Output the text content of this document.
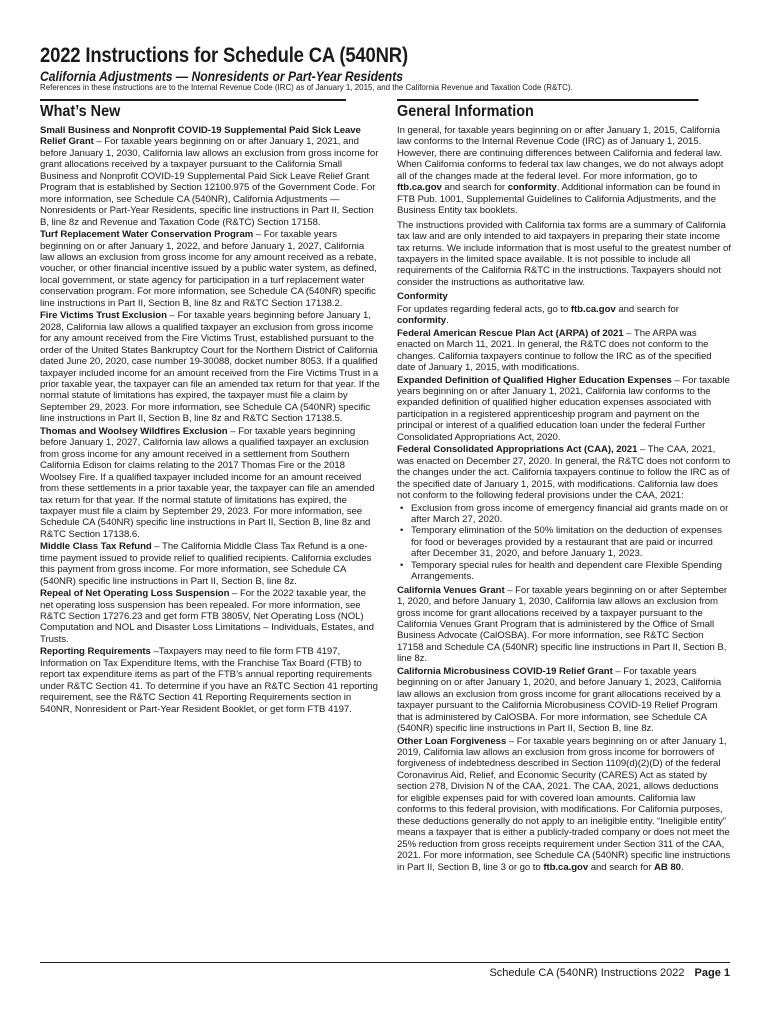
2022 Instructions for Schedule CA (540NR)
California Adjustments — Nonresidents or Part-Year Residents
References in these instructions are to the Internal Revenue Code (IRC) as of January 1, 2015, and the California Revenue and Taxation Code (R&TC).
What’s New

Small Business and Nonprofit COVID-19 Supplemental Paid Sick Leave Relief Grant – For taxable years beginning on or after January 1, 2021, and before January 1, 2030, California law allows an exclusion from gross income for grant allocations received by a taxpayer pursuant to the California Small Business and Nonprofit COVID-19 Supplemental Paid Sick Leave Relief Grant Program that is established by Section 12100.975 of the Government Code. For more information, see Schedule CA (540NR), California Adjustments — Nonresidents or Part-Year Residents, specific line instructions in Part II, Section B, line 8z and Revenue and Taxation Code (R&TC) Section 17158.

Turf Replacement Water Conservation Program – For taxable years beginning on or after January 1, 2022, and before January 1, 2027, California law allows an exclusion from gross income for any amount received as a rebate, voucher, or other financial incentive issued by a public water system, as defined, local government, or state agency for participation in a turf replacement water conservation program. For more information, see Schedule CA (540NR) specific line instructions in Part II, Section B, line 8z and R&TC Section 17138.2.

Fire Victims Trust Exclusion – For taxable years beginning before January 1, 2028, California law allows a qualified taxpayer an exclusion from gross income for any amount received from the Fire Victims Trust, established pursuant to the order of the United States Bankruptcy Court for the Northern District of California dated June 20, 2020, case number 19-30088, docket number 8053. If a qualified taxpayer included income for an amount received from the Fire Victims Trust in a prior taxable year, the taxpayer can file an amended tax return for that year. If the normal statute of limitations has expired, the taxpayer must file a claim by September 29, 2023. For more information, see Schedule CA (540NR) specific line instructions in Part II, Section B, line 8z and R&TC Section 17138.5.

Thomas and Woolsey Wildfires Exclusion – For taxable years beginning before January 1, 2027, California law allows a qualified taxpayer an exclusion from gross income for any amount received in a settlement from Southern California Edison for claims relating to the 2017 Thomas Fire or the 2018 Woolsey Fire. If a qualified taxpayer included income for an amount received from these settlements in a prior taxable year, the taxpayer can file an amended tax return for that year. If the normal statute of limitations has expired, the taxpayer must file a claim by September 29, 2023. For more information, see Schedule CA (540NR) specific line instructions in Part II, Section B, line 8z and R&TC Section 17138.6.

Middle Class Tax Refund – The California Middle Class Tax Refund is a one-time payment issued to provide relief to qualified recipients. California excludes this payment from gross income. For more information, see Schedule CA (540NR) specific line instructions in Part II, Section B, line 8z.

Repeal of Net Operating Loss Suspension – For the 2022 taxable year, the net operating loss suspension has been repealed. For more information, see R&TC Section 17276.23 and get form FTB 3805V, Net Operating Loss (NOL) Computation and NOL and Disaster Loss Limitations – Individuals, Estates, and Trusts.

Reporting Requirements –Taxpayers may need to file form FTB 4197, Information on Tax Expenditure Items, with the Franchise Tax Board (FTB) to report tax expenditure items as part of the FTB’s annual reporting requirements under R&TC Section 41. To determine if you have an R&TC Section 41 reporting requirement, see the R&TC Section 41 Reporting Requirements section in 540NR, Nonresident or Part-Year Resident Booklet, or get form FTB 4197.

General Information

In general, for taxable years beginning on or after January 1, 2015, California law conforms to the Internal Revenue Code (IRC) as of January 1, 2015. However, there are continuing differences between California and federal law. When California conforms to federal tax law changes, we do not always adopt all of the changes made at the federal level. For more information, go to ftb.ca.gov and search for conformity. Additional information can be found in FTB Pub. 1001, Supplemental Guidelines to California Adjustments, and the Business Entity tax booklets.

The instructions provided with California tax forms are a summary of California tax law and are only intended to aid taxpayers in preparing their state income tax returns. We include information that is most useful to the greatest number of taxpayers in the limited space available. It is not possible to include all requirements of the California R&TC in the instructions. Taxpayers should not consider the instructions as authoritative law.

Conformity

For updates regarding federal acts, go to ftb.ca.gov and search for conformity.

Federal American Rescue Plan Act (ARPA) of 2021 – The ARPA was enacted on March 11, 2021. In general, the R&TC does not conform to the changes. California taxpayers continue to follow the IRC as of the specified date of January 1, 2015, with modifications.

Expanded Definition of Qualified Higher Education Expenses – For taxable years beginning on or after January 1, 2021, California law conforms to the expanded definition of qualified higher education expenses associated with participation in a registered apprenticeship program and payment on the principal or interest of a qualified education loan under the federal Further Consolidated Appropriations Act, 2020.

Federal Consolidated Appropriations Act (CAA), 2021 – The CAA, 2021, was enacted on December 27, 2020. In general, the R&TC does not conform to the changes under the act. California taxpayers continue to follow the IRC as of the specified date of January 1, 2015, with modifications. California law does not conform to the following federal provisions under the CAA, 2021:

• Exclusion from gross income of emergency financial aid grants made on or after March 27, 2020.
• Temporary elimination of the 50% limitation on the deduction of expenses for food or beverages provided by a restaurant that are paid or incurred after December 31, 2020, and before January 1, 2023.
• Temporary special rules for health and dependent care Flexible Spending Arrangements.

California Venues Grant – For taxable years beginning on or after September 1, 2020, and before January 1, 2030, California law allows an exclusion from gross income for grant allocations received by a taxpayer pursuant to the California Venues Grant Program that is administered by the Office of Small Business Advocate (CalOSBA). For more information, see R&TC Section 17158 and Schedule CA (540NR) specific line instructions in Part II, Section B, line 8z.

California Microbusiness COVID-19 Relief Grant – For taxable years beginning on or after January 1, 2020, and before January 1, 2023, California law allows an exclusion from gross income for grant allocations received by a taxpayer pursuant to the California Microbusiness COVID-19 Relief Program that is administered by CalOSBA. For more information, see Schedule CA (540NR) specific line instructions in Part II, Section B, line 8z.

Other Loan Forgiveness – For taxable years beginning on or after January 1, 2019, California law allows an exclusion from gross income for borrowers of forgiveness of indebtedness described in Section 1109(d)(2)(D) of the federal Coronavirus Aid, Relief, and Economic Security (CARES) Act as stated by section 278, Division N of the CAA, 2021. The CAA, 2021, allows deductions for eligible expenses paid for with covered loan amounts. California law conforms to this federal provision, with modifications. For California purposes, these deductions generally do not apply to an ineligible entity. “Ineligible entity” means a taxpayer that is either a publicly-traded company or does not meet the 25% reduction from gross receipts requirement under Section 311 of the CAA, 2021. For more information, see Schedule CA (540NR) specific line instructions in Part II, Section B, line 3 or go to ftb.ca.gov and search for AB 80.

Schedule CA (540NR) Instructions 2022 Page 1
